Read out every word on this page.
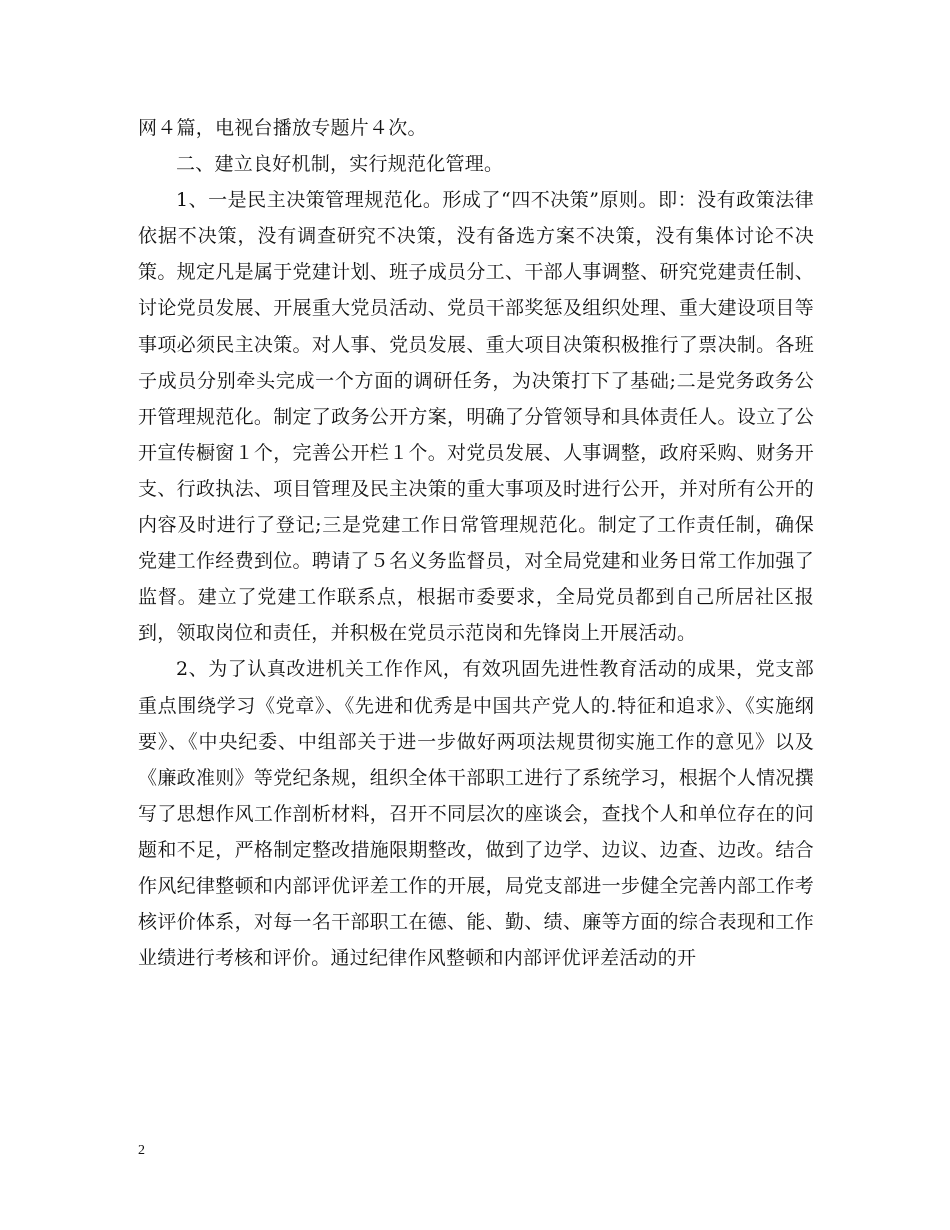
网４篇，电视台播放专题片４次。

二、建立良好机制，实行规范化管理。

1、一是民主决策管理规范化。形成了“四不决策”原则。即：没有政策法律依据不决策，没有调查研究不决策，没有备选方案不决策，没有集体讨论不决策。规定凡是属于党建计划、班子成员分工、干部人事调整、研究党建责任制、讨论党员发展、开展重大党员活动、党员干部奖惩及组织处理、重大建设项目等事项必须民主决策。对人事、党员发展、重大项目决策积极推行了票决制。各班子成员分别牵头完成一个方面的调研任务，为决策打下了基础;二是党务政务公开管理规范化。制定了政务公开方案，明确了分管领导和具体责任人。设立了公开宣传橱窗１个，完善公开栏１个。对党员发展、人事调整，政府采购、财务开支、行政执法、项目管理及民主决策的重大事项及时进行公开，并对所有公开的内容及时进行了登记;三是党建工作日常管理规范化。制定了工作责任制，确保党建工作经费到位。聘请了５名义务监督员，对全局党建和业务日常工作加强了监督。建立了党建工作联系点，根据市委要求，全局党员都到自己所居社区报到，领取岗位和责任，并积极在党员示范岗和先锋岗上开展活动。

2、为了认真改进机关工作作风，有效巩固先进性教育活动的成果，党支部重点围绕学习《党章》、《先进和优秀是中国共产党人的.特征和追求》、《实施纲要》、《中央纪委、中组部关于进一步做好两项法规贯彻实施工作的意见》以及《廉政准则》等党纪条规，组织全体干部职工进行了系统学习，根据个人情况撰写了思想作风工作剖析材料，召开不同层次的座谈会，查找个人和单位存在的问题和不足，严格制定整改措施限期整改，做到了边学、边议、边查、边改。结合作风纪律整顿和内部评优评差工作的开展，局党支部进一步健全完善内部工作考核评价体系，对每一名干部职工在德、能、勤、绩、廉等方面的综合表现和工作业绩进行考核和评价。通过纪律作风整顿和内部评优评差活动的开

2
